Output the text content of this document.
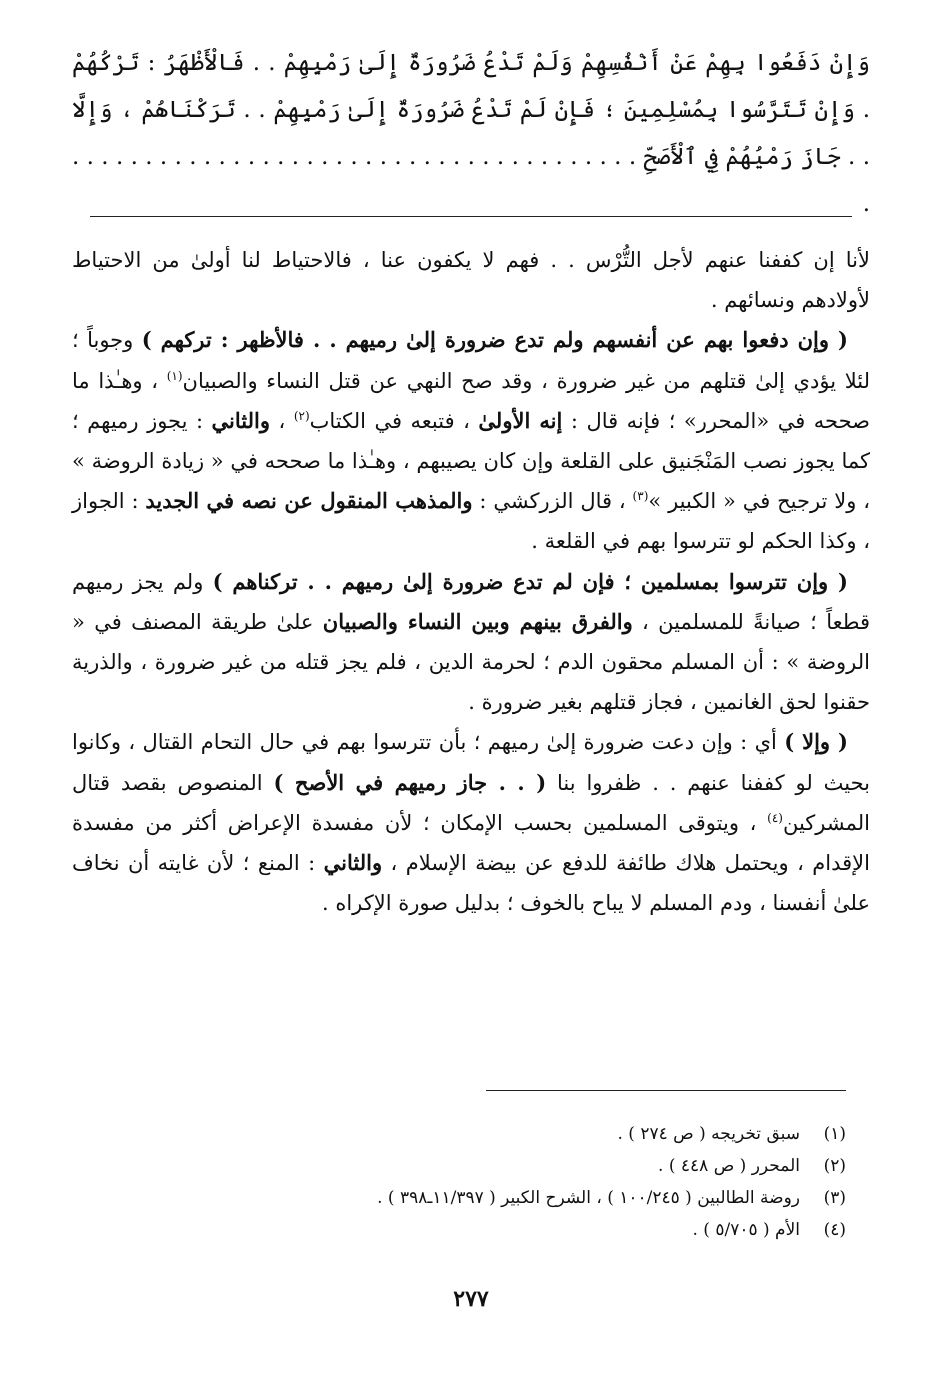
وَإِنْ دَفَعُوا بِهِمْ عَنْ أَنْفُسِهِمْ وَلَمْ تَدْعُ ضَرُورَةٌ إِلَىٰ رَمْيِهِمْ . . فَالْأَظْهَرُ : تَرْكُهُمْ . وَإِنْ تَتَرَّسُوا بِمُسْلِمِينَ ؛ فَإِنْ لَمْ تَدْعُ ضَرُورَةٌ إِلَىٰ رَمْيِهِمْ . . تَرَكْنَاهُمْ ، وَإِلَّا . . جَازَ رَمْيُهُمْ فِي ٱلْأَصَحِّ . . . . . . . . . . . . . . . . . . . . . . . . . . . . . . . . . . . . . . . .

لأنا إن كففنا عنهم لأجل التُّرْس . . فهم لا يكفون عنا ، فالاحتياط لنا أولىٰ من الاحتياط لأولادهم ونسائهم .

( وإن دفعوا بهم عن أنفسهم ولم تدع ضرورة إلىٰ رميهم . . فالأظهر : تركهم ) وجوباً ؛ لئلا يؤدي إلىٰ قتلهم من غير ضرورة ، وقد صح النهي عن قتل النساء والصبيان$^{(١)}$ ، وهـٰذا ما صححه في «المحرر» ؛ فإنه قال : إنه الأولىٰ ، فتبعه في الكتاب$^{(٢)}$ ، والثاني : يجوز رميهم ؛ كما يجوز نصب المَنْجَنيق على القلعة وإن كان يصيبهم ، وهـٰذا ما صححه في « زيادة الروضة » ، ولا ترجيح في « الكبير »$^{(٣)}$ ، قال الزركشي : والمذهب المنقول عن نصه في الجديد : الجواز ، وكذا الحكم لو تترسوا بهم في القلعة .

( وإن تترسوا بمسلمين ؛ فإن لم تدع ضرورة إلىٰ رميهم . . تركناهم ) ولم يجز رميهم قطعاً ؛ صيانةً للمسلمين ، والفرق بينهم وبين النساء والصبيان علىٰ طريقة المصنف في « الروضة » : أن المسلم محقون الدم ؛ لحرمة الدين ، فلم يجز قتله من غير ضرورة ، والذرية حقنوا لحق الغانمين ، فجاز قتلهم بغير ضرورة .

( وإلا ) أي : وإن دعت ضرورة إلىٰ رميهم ؛ بأن تترسوا بهم في حال التحام القتال ، وكانوا بحيث لو كففنا عنهم . . ظفروا بنا ( . . جاز رميهم في الأصح ) المنصوص بقصد قتال المشركين$^{(٤)}$ ، ويتوقى المسلمين بحسب الإمكان ؛ لأن مفسدة الإعراض أكثر من مفسدة الإقدام ، ويحتمل هلاك طائفة للدفع عن بيضة الإسلام ، والثاني : المنع ؛ لأن غايته أن نخاف علىٰ أنفسنا ، ودم المسلم لا يباح بالخوف ؛ بدليل صورة الإكراه .

(١)
سبق تخريجه ( ص ٢٧٤ ) .
(٢)
المحرر ( ص ٤٤٨ ) .
(٣)
روضة الطالبين ( ١٠٠/٢٤٥ ) ، الشرح الكبير ( ١١/٣٩٧ـ٣٩٨ ) .
(٤)
الأم ( ٥/٧٠٥ ) .
٢٧٧
